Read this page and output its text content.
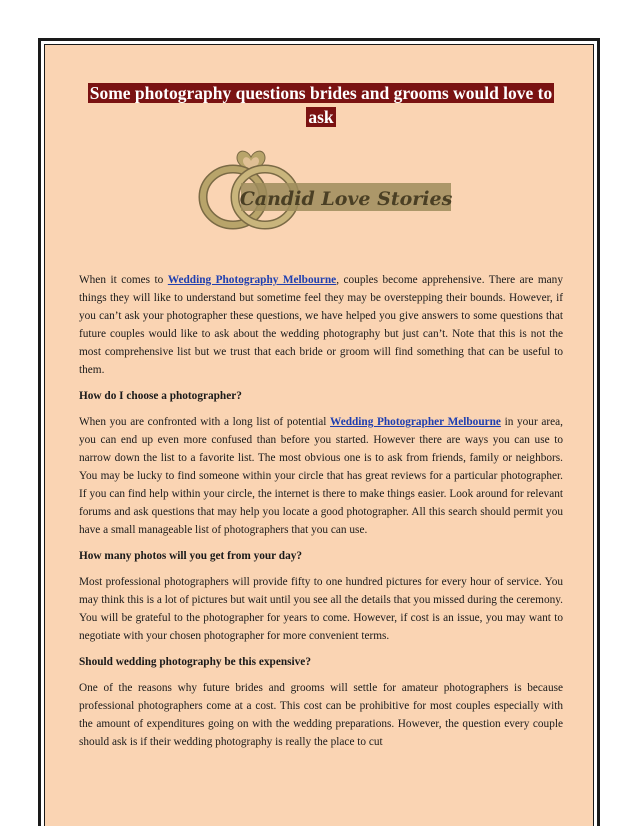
Some photography questions brides and grooms would love to ask
Candid Love Stories

When it comes to Wedding Photography Melbourne, couples become apprehensive. There are many things they will like to understand but sometime feel they may be overstepping their bounds. However, if you can’t ask your photographer these questions, we have helped you give answers to some questions that future couples would like to ask about the wedding photography but just can’t. Note that this is not the most comprehensive list but we trust that each bride or groom will find something that can be useful to them.

How do I choose a photographer?

When you are confronted with a long list of potential Wedding Photographer Melbourne in your area, you can end up even more confused than before you started. However there are ways you can use to narrow down the list to a favorite list. The most obvious one is to ask from friends, family or neighbors. You may be lucky to find someone within your circle that has great reviews for a particular photographer. If you can find help within your circle, the internet is there to make things easier. Look around for relevant forums and ask questions that may help you locate a good photographer. All this search should permit you have a small manageable list of photographers that you can use.

How many photos will you get from your day?

Most professional photographers will provide fifty to one hundred pictures for every hour of service. You may think this is a lot of pictures but wait until you see all the details that you missed during the ceremony. You will be grateful to the photographer for years to come. However, if cost is an issue, you may want to negotiate with your chosen photographer for more convenient terms.

Should wedding photography be this expensive?

One of the reasons why future brides and grooms will settle for amateur photographers is because professional photographers come at a cost. This cost can be prohibitive for most couples especially with the amount of expenditures going on with the wedding preparations. However, the question every couple should ask is if their wedding photography is really the place to cut
